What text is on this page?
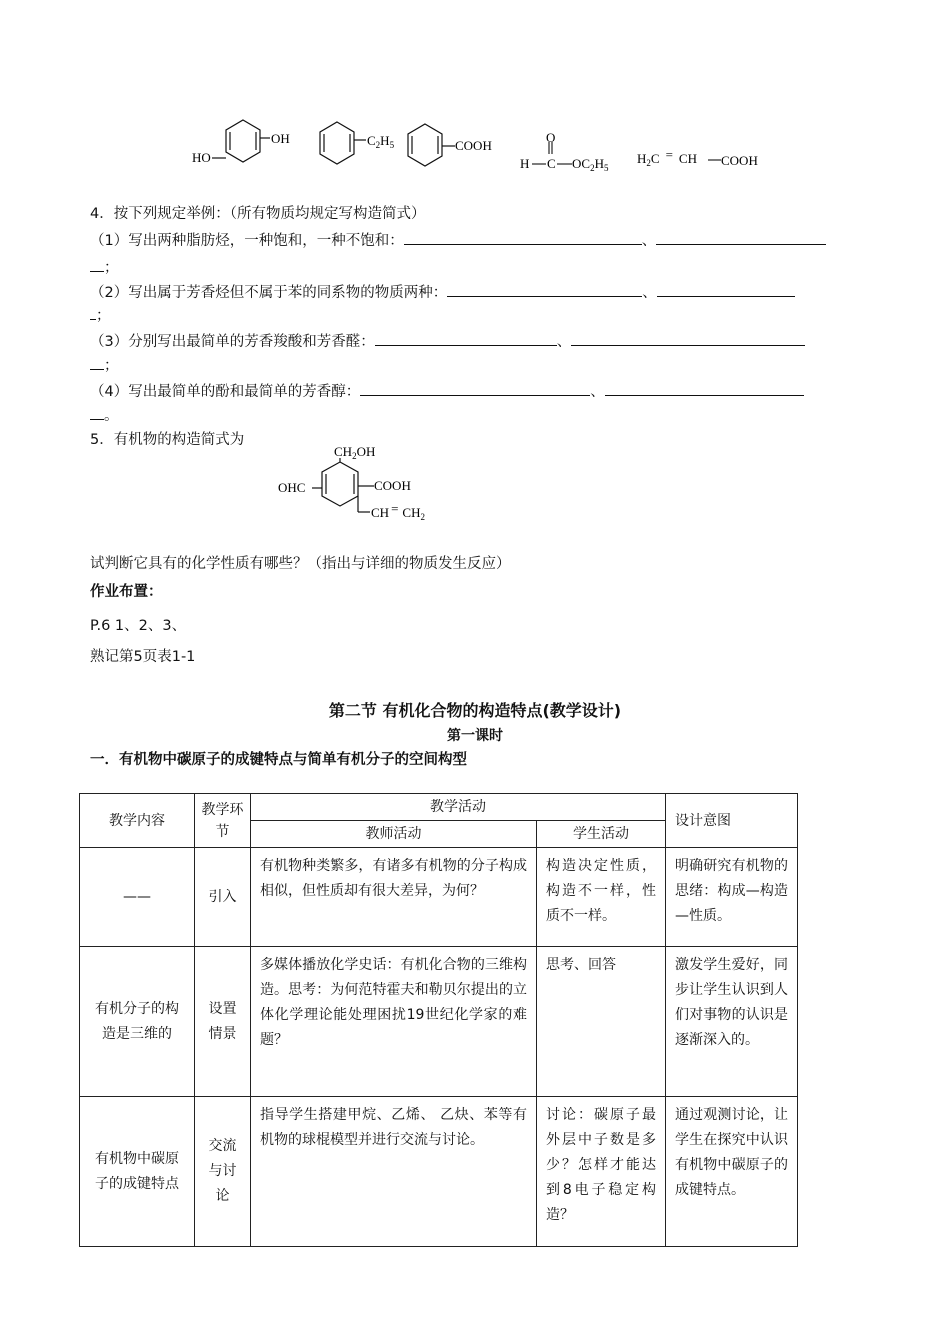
OH
HO
$C_2H_5$	COOH
O
H C $OC_2H_5$
$H_2C$ = CH COOH
4．按下列规定举例：（所有物质均规定写构造简式）
（1）写出两种脂肪烃，一种饱和，一种不饱和：	、
；
（2）写出属于芳香烃但不属于苯的同系物的物质两种：	、
；
（3）分别写出最简单的芳香羧酸和芳香醛：	、
；
（4）写出最简单的酚和最简单的芳香醇：	、
。
5．有机物的构造简式为
$CH_2OH$
OHC	COOH
CH = $CH_2$
试判断它具有的化学性质有哪些？（指出与详细的物质发生反应）
作业布置：
P.6 1、2、3、
熟记第5页表1-1
第二节 有机化合物的构造特点(教学设计)
第一课时
一．有机物中碳原子的成键特点与简单有机分子的空间构型
教学内容	教学环节	教学活动		设计意图
		教师活动	学生活动	
——	引入	有机物种类繁多，有诸多有机物的分子构成相似，但性质却有很大差异，为何？	构造决定性质，构造不一样，性质不一样。	明确研究有机物的思绪：构成—构造—性质。
有机分子的构造是三维的	设置情景	多媒体播放化学史话：有机化合物的三维构造。思考：为何范特霍夫和勒贝尔提出的立体化学理论能处理困扰19世纪化学家的难题？	思考、回答	激发学生爱好，同步让学生认识到人们对事物的认识是逐渐深入的。
有机物中碳原子的成键特点	交流与讨论	指导学生搭建甲烷、乙烯、 乙炔、苯等有机物的球棍模型并进行交流与讨论。	讨论：碳原子最外层中子数是多少？怎样才能达到8电子稳定构造？	通过观测讨论，让学生在探究中认识有机物中碳原子的成键特点。
